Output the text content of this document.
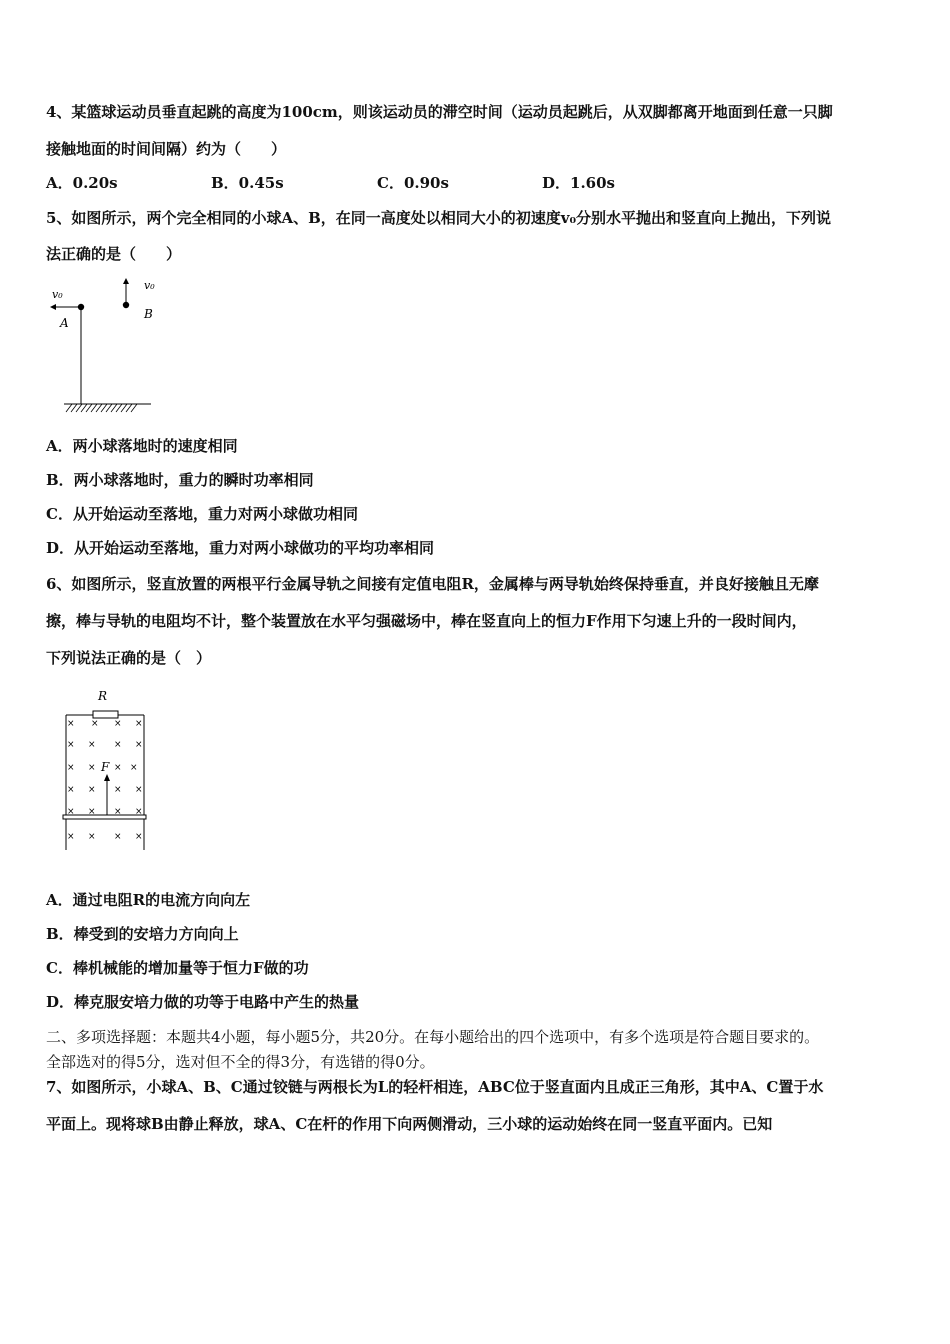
4、某篮球运动员垂直起跳的高度为100cm，则该运动员的滞空时间（运动员起跳后，从双脚都离开地面到任意一只脚
接触地面的时间间隔）约为（　　）
A．0.20s	B．0.45s	C．0.90s	D．1.60s
5、如图所示，两个完全相同的小球A、B，在同一高度处以相同大小的初速度v₀分别水平抛出和竖直向上抛出，下列说
法正确的是（　　）
v₀
A
v₀
B
A．两小球落地时的速度相同
B．两小球落地时，重力的瞬时功率相同
C．从开始运动至落地，重力对两小球做功相同
D．从开始运动至落地，重力对两小球做功的平均功率相同
6、如图所示，竖直放置的两根平行金属导轨之间接有定值电阻R，金属棒与两导轨始终保持垂直，并良好接触且无摩
擦，棒与导轨的电阻均不计，整个装置放在水平匀强磁场中，棒在竖直向上的恒力F作用下匀速上升的一段时间内，
下列说法正确的是（　）
R
× × × ×
× × × ×
× × × ×
× × × ×
× × × ×
× × × ×
F
A．通过电阻R的电流方向向左
B．棒受到的安培力方向向上
C．棒机械能的增加量等于恒力F做的功
D．棒克服安培力做的功等于电路中产生的热量
二、多项选择题：本题共4小题，每小题5分，共20分。在每小题给出的四个选项中，有多个选项是符合题目要求的。
全部选对的得5分，选对但不全的得3分，有选错的得0分。
7、如图所示，小球A、B、C通过铰链与两根长为L的轻杆相连，ABC位于竖直面内且成正三角形，其中A、C置于水
平面上。现将球B由静止释放，球A、C在杆的作用下向两侧滑动，三小球的运动始终在同一竖直平面内。已知
